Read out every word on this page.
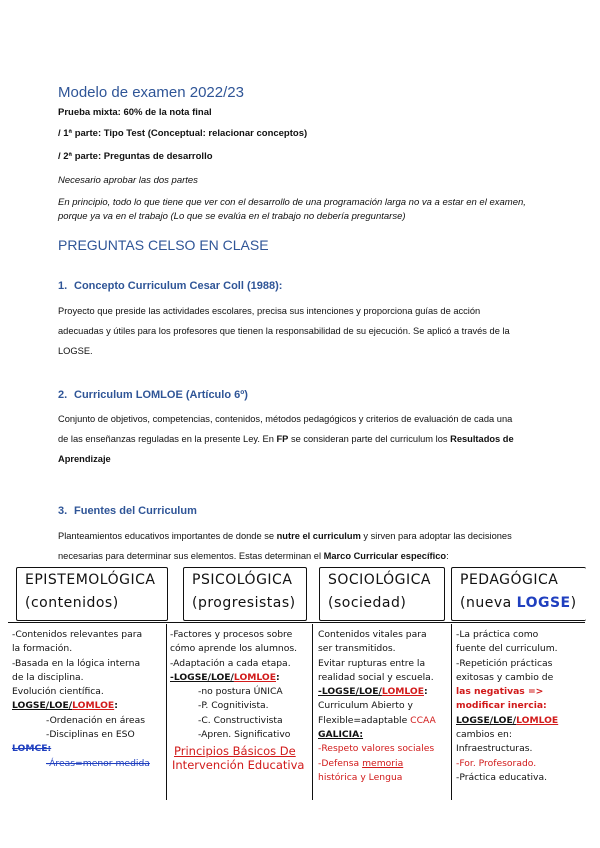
Modelo de examen 2022/23
Prueba mixta: 60% de la nota final
/ 1ª parte: Tipo Test (Conceptual: relacionar conceptos)
/ 2ª parte: Preguntas de desarrollo
Necesario aprobar las dos partes
En principio, todo lo que tiene que ver con el desarrollo de una programación larga no va a estar en el examen,
porque ya va en el trabajo (Lo que se evalúa en el trabajo no debería preguntarse)
PREGUNTAS CELSO EN CLASE
1. Concepto Curriculum Cesar Coll (1988):
Proyecto que preside las actividades escolares, precisa sus intenciones y proporciona guías de acción
adecuadas y útiles para los profesores que tienen la responsabilidad de su ejecución. Se aplicó a través de la
LOGSE.
2. Curriculum LOMLOE (Artículo 6º)
Conjunto de objetivos, competencias, contenidos, métodos pedagógicos y criterios de evaluación de cada una
de las enseñanzas reguladas en la presente Ley. En FP se consideran parte del curriculum los Resultados de
Aprendizaje
3. Fuentes del Curriculum
Planteamientos educativos importantes de donde se nutre el curriculum y sirven para adoptar las decisiones
necesarias para determinar sus elementos. Estas determinan el Marco Curricular específico:
EPISTEMOLÓGICA
(contenidos)
PSICOLÓGICA
(progresistas)
SOCIOLÓGICA
(sociedad)
PEDAGÓGICA
(nueva LOGSE)
-Contenidos relevantes para
la formación.
-Basada en la lógica interna
de la disciplina.
Evolución científica.
LOGSE/LOE/LOMLOE:
-Ordenación en áreas
-Disciplinas en ESO
LOMCE:
-Áreas=menor medida
-Factores y procesos sobre
cómo aprende los alumnos.
-Adaptación a cada etapa.
-LOGSE/LOE/LOMLOE:
-no postura ÚNICA
-P. Cognitivista.
-C. Constructivista
-Apren. Significativo
Principios Básicos De
Intervención Educativa
Contenidos vitales para
ser transmitidos.
Evitar rupturas entre la
realidad social y escuela.
-LOGSE/LOE/LOMLOE:
Curriculum Abierto y
Flexible=adaptable CCAA
GALICIA:
-Respeto valores sociales
-Defensa memoria
histórica y Lengua
-La práctica como
fuente del curriculum.
-Repetición prácticas
exitosas y cambio de
las negativas =>
modificar inercia:
LOGSE/LOE/LOMLOE
cambios en:
Infraestructuras.
-For. Profesorado.
-Práctica educativa.
